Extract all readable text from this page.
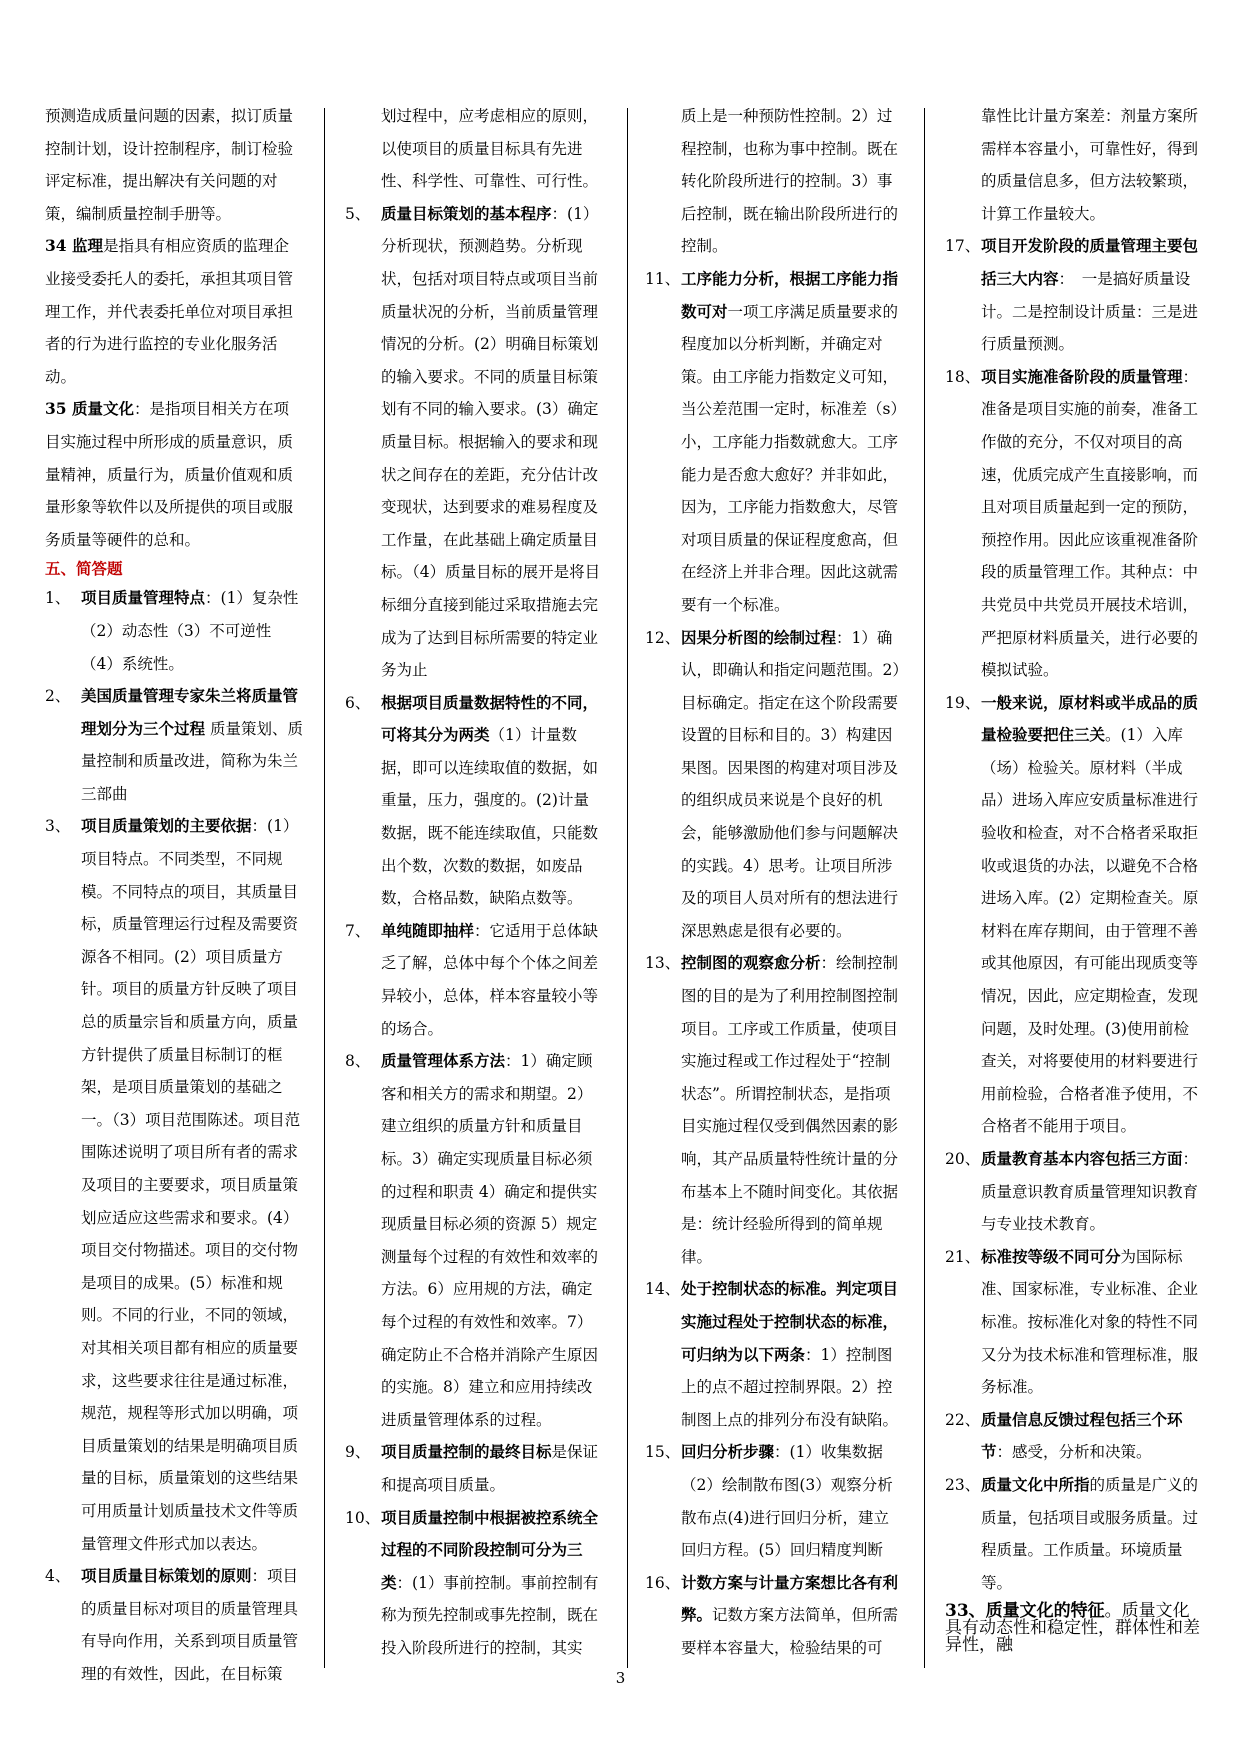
预测造成质量问题的因素，拟订质量控制计划，设计控制程序，制订检验评定标准，提出解决有关问题的对策，编制质量控制手册等。

34 监理是指具有相应资质的监理企业接受委托人的委托，承担其项目管理工作，并代表委托单位对项目承担者的行为进行监控的专业化服务活动。

35 质量文化：是指项目相关方在项目实施过程中所形成的质量意识，质量精神，质量行为，质量价值观和质量形象等软件以及所提供的项目或服务质量等硬件的总和。

五、简答题

1、 项目质量管理特点：(1）复杂性（2）动态性（3）不可逆性（4）系统性。
2、 美国质量管理专家朱兰将质量管理划分为三个过程 质量策划、质量控制和质量改进，简称为朱兰三部曲
3、 项目质量策划的主要依据：(1）项目特点。不同类型，不同规模。不同特点的项目，其质量目标，质量管理运行过程及需要资源各不相同。(2）项目质量方针。项目的质量方针反映了项目总的质量宗旨和质量方向，质量方针提供了质量目标制订的框架，是项目质量策划的基础之一。（3）项目范围陈述。项目范围陈述说明了项目所有者的需求及项目的主要要求，项目质量策划应适应这些需求和要求。(4）项目交付物描述。项目的交付物是项目的成果。(5）标准和规则。不同的行业，不同的领域，对其相关项目都有相应的质量要求，这些要求往往是通过标准，规范，规程等形式加以明确，项目质量策划的结果是明确项目质量的目标，质量策划的这些结果可用质量计划质量技术文件等质量管理文件形式加以表达。
4、 项目质量目标策划的原则：项目的质量目标对项目的质量管理具有导向作用，关系到项目质量管理的有效性，因此，在目标策

划过程中，应考虑相应的原则，以使项目的质量目标具有先进性、科学性、可靠性、可行性。

5、 质量目标策划的基本程序：(1）分析现状，预测趋势。分析现状，包括对项目特点或项目当前质量状况的分析，当前质量管理情况的分析。(2）明确目标策划的输入要求。不同的质量目标策划有不同的输入要求。(3）确定质量目标。根据输入的要求和现状之间存在的差距，充分估计改变现状，达到要求的难易程度及工作量，在此基础上确定质量目标。（4）质量目标的展开是将目标细分直接到能过采取措施去完成为了达到目标所需要的特定业务为止
6、 根据项目质量数据特性的不同，可将其分为两类（1）计量数据，即可以连续取值的数据，如重量，压力，强度的。(2)计量数据，既不能连续取值，只能数出个数，次数的数据，如废品数，合格品数，缺陷点数等。
7、 单纯随即抽样：它适用于总体缺乏了解，总体中每个个体之间差异较小，总体，样本容量较小等的场合。
8、 质量管理体系方法：1）确定顾客和相关方的需求和期望。2）建立组织的质量方针和质量目标。3）确定实现质量目标必须的过程和职责 4）确定和提供实现质量目标必须的资源 5）规定测量每个过程的有效性和效率的方法。6）应用规的方法，确定每个过程的有效性和效率。7）确定防止不合格并消除产生原因的实施。8）建立和应用持续改进质量管理体系的过程。
9、 项目质量控制的最终目标是保证和提高项目质量。
10、 项目质量控制中根据被控系统全过程的不同阶段控制可分为三类：(1）事前控制。事前控制有称为预先控制或事先控制，既在投入阶段所进行的控制，其实

质上是一种预防性控制。2）过程控制，也称为事中控制。既在转化阶段所进行的控制。3）事后控制，既在输出阶段所进行的控制。

11、 工序能力分析，根据工序能力指数可对一项工序满足质量要求的程度加以分析判断，并确定对策。由工序能力指数定义可知，当公差范围一定时，标准差（s）小，工序能力指数就愈大。工序能力是否愈大愈好？并非如此，因为，工序能力指数愈大，尽管对项目质量的保证程度愈高，但在经济上并非合理。因此这就需要有一个标准。
12、 因果分析图的绘制过程：1）确认，即确认和指定问题范围。2）目标确定。指定在这个阶段需要设置的目标和目的。3）构建因果图。因果图的构建对项目涉及的组织成员来说是个良好的机会，能够激励他们参与问题解决的实践。4）思考。让项目所涉及的项目人员对所有的想法进行深思熟虑是很有必要的。
13、 控制图的观察愈分析：绘制控制图的目的是为了利用控制图控制项目。工序或工作质量，使项目实施过程或工作过程处于“控制状态”。所谓控制状态，是指项目实施过程仅受到偶然因素的影响，其产品质量特性统计量的分布基本上不随时间变化。其依据是：统计经验所得到的简单规律。
14、 处于控制状态的标准。判定项目实施过程处于控制状态的标准，可归纳为以下两条：1）控制图上的点不超过控制界限。2）控制图上点的排列分布没有缺陷。
15、 回归分析步骤：(1）收集数据（2）绘制散布图(3）观察分析散布点(4)进行回归分析，建立回归方程。(5）回归精度判断
16、 计数方案与计量方案想比各有利弊。记数方案方法简单，但所需要样本容量大，检验结果的可

靠性比计量方案差：剂量方案所需样本容量小，可靠性好，得到的质量信息多，但方法较繁琐，计算工作量较大。

17、 项目开发阶段的质量管理主要包括三大内容：　一是搞好质量设计。二是控制设计质量：三是进行质量预测。
18、 项目实施准备阶段的质量管理：准备是项目实施的前奏，准备工作做的充分，不仅对项目的高速，优质完成产生直接影响，而且对项目质量起到一定的预防，预控作用。因此应该重视准备阶段的质量管理工作。其种点：中共党员中共党员开展技术培训，严把原材料质量关，进行必要的模拟试验。
19、 一般来说，原材料或半成品的质量检验要把住三关。(1）入库（场）检验关。原材料（半成品）进场入库应安质量标准进行验收和检查，对不合格者采取拒收或退货的办法，以避免不合格进场入库。(2）定期检查关。原材料在库存期间，由于管理不善或其他原因，有可能出现质变等情况，因此，应定期检查，发现问题，及时处理。(3)使用前检查关，对将要使用的材料要进行用前检验，合格者准予使用，不合格者不能用于项目。
20、 质量教育基本内容包括三方面：质量意识教育质量管理知识教育与专业技术教育。
21、 标准按等级不同可分为国际标准、国家标准，专业标准、企业标准。按标准化对象的特性不同又分为技术标准和管理标准，服务标准。
22、 质量信息反馈过程包括三个环节：感受，分析和决策。
23、 质量文化中所指的质量是广义的质量，包括项目或服务质量。过程质量。工作质量。环境质量等。

33、质量文化的特征。质量文化具有动态性和稳定性，群体性和差异性，融

3
